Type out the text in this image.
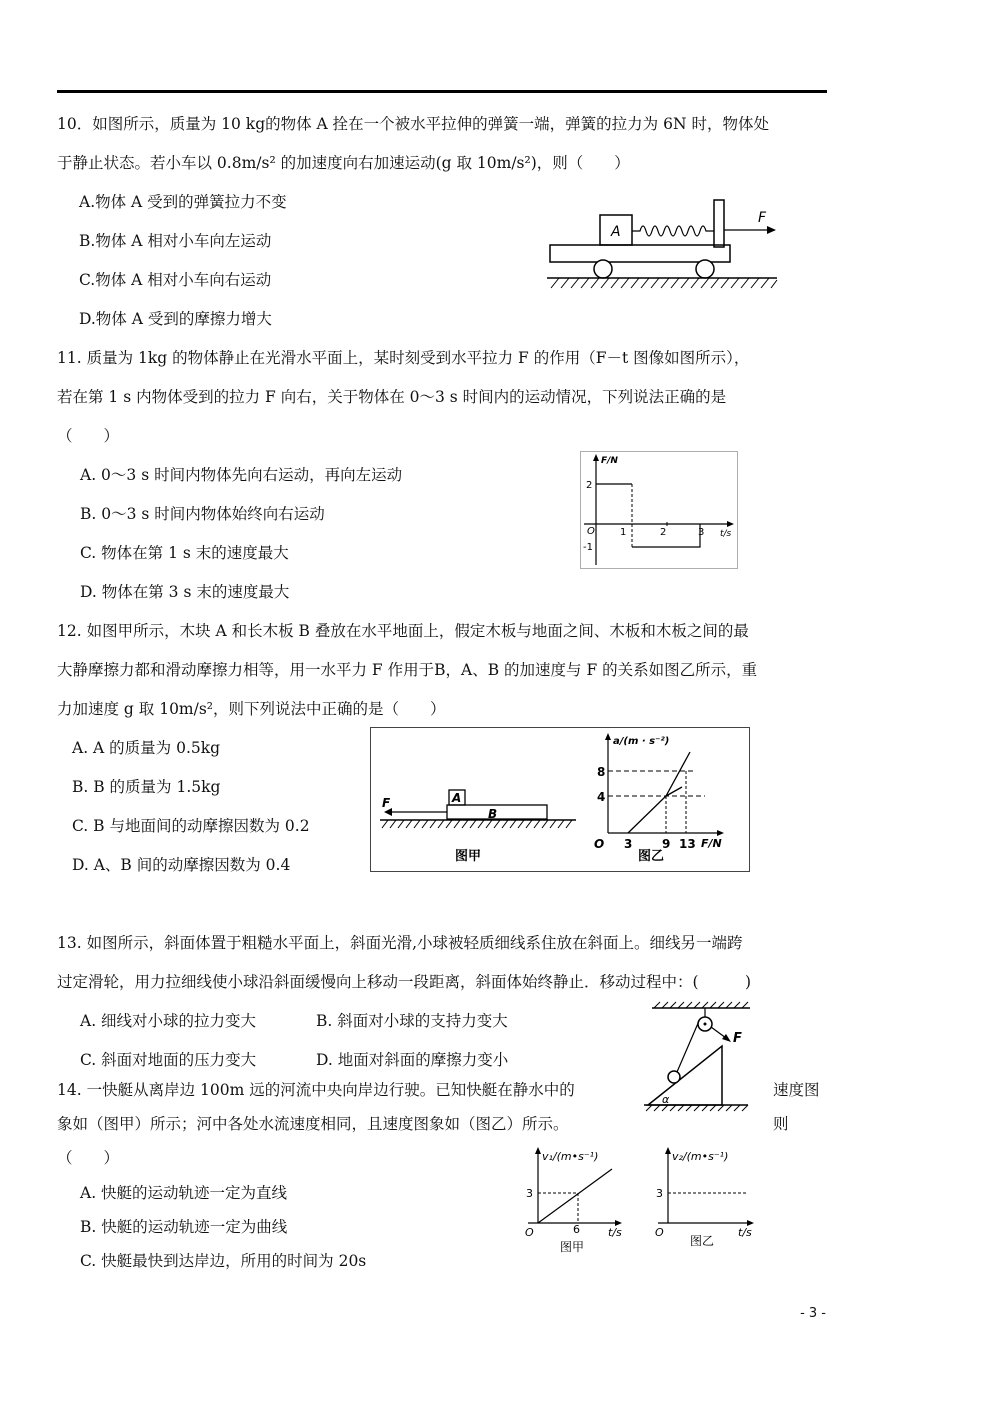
10．如图所示，质量为 10 kg的物体 A 拴在一个被水平拉伸的弹簧一端，弹簧的拉力为 6N 时，物体处
于静止状态。若小车以 0.8m/s² 的加速度向右加速运动(g 取 10m/s²)，则（　　）
A.物体 A 受到的弹簧拉力不变
B.物体 A 相对小车向左运动
C.物体 A 相对小车向右运动
D.物体 A 受到的摩擦力增大
A
F
11. 质量为 1kg 的物体静止在光滑水平面上，某时刻受到水平拉力 F 的作用（F－t 图像如图所示），
若在第 1 s 内物体受到的拉力 F 向右，关于物体在 0～3 s 时间内的运动情况，下列说法正确的是
（　　）
A. 0～3 s 时间内物体先向右运动，再向左运动
B. 0～3 s 时间内物体始终向右运动
C. 物体在第 1 s 末的速度最大
D. 物体在第 3 s 末的速度最大
F/N
t/s
O
2
-1
1	2	3
12. 如图甲所示，木块 A 和长木板 B 叠放在水平地面上，假定木板与地面之间、木板和木板之间的最
大静摩擦力都和滑动摩擦力相等，用一水平力 F 作用于B，A、B 的加速度与 F 的关系如图乙所示，重
力加速度 g 取 10m/s²，则下列说法中正确的是（　　）
A. A 的质量为 0.5kg
B. B 的质量为 1.5kg
C. B 与地面间的动摩擦因数为 0.2
D. A、B 间的动摩擦因数为 0.4
A
B
F
图甲
a/(m · s⁻²)
F/N
O
8
4
3 9 13
图乙
13. 如图所示，斜面体置于粗糙水平面上，斜面光滑,小球被轻质细线系住放在斜面上。细线另一端跨
过定滑轮，用力拉细线使小球沿斜面缓慢向上移动一段距离，斜面体始终静止．移动过程中：(　　　)
A. 细线对小球的拉力变大	B. 斜面对小球的支持力变大
C. 斜面对地面的压力变大	D. 地面对斜面的摩擦力变小
F
α
14. 一快艇从离岸边 100m 远的河流中央向岸边行驶。已知快艇在静水中的	速度图
象如（图甲）所示；河中各处水流速度相同，且速度图象如（图乙）所示。	则
（　　）
A. 快艇的运动轨迹一定为直线
B. 快艇的运动轨迹一定为曲线
C. 快艇最快到达岸边，所用的时间为 20s
v₁/(m•s⁻¹)
t/s
O
3
6
图甲
v₂/(m•s⁻¹)
t/s
O
3
图乙
- 3 -
